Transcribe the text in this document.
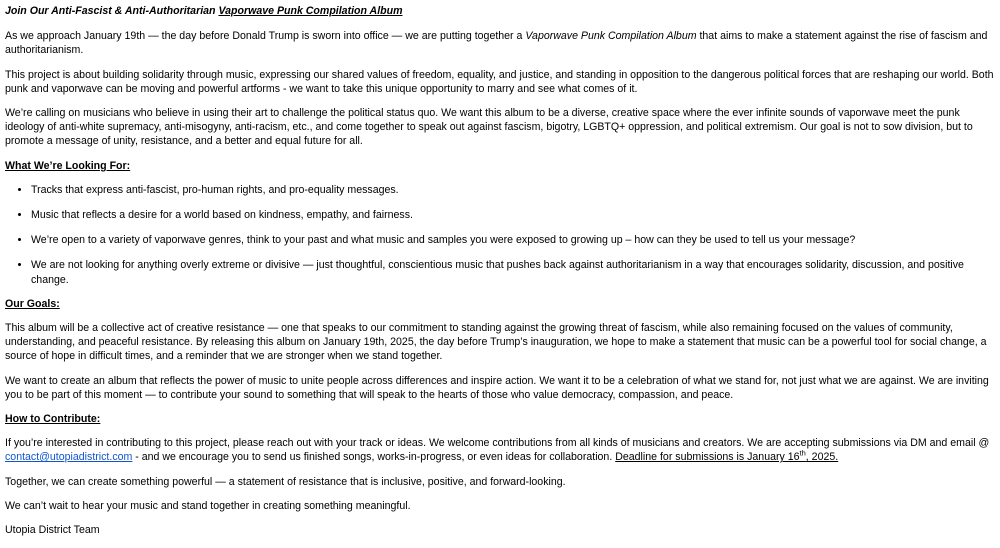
Join Our Anti-Fascist & Anti-Authoritarian Vaporwave Punk Compilation Album

As we approach January 19th — the day before Donald Trump is sworn into office — we are putting together a Vaporwave Punk Compilation Album that aims to make a statement against the rise of fascism and authoritarianism.

This project is about building solidarity through music, expressing our shared values of freedom, equality, and justice, and standing in opposition to the dangerous political forces that are reshaping our world. Both punk and vaporwave can be moving and powerful artforms - we want to take this unique opportunity to marry and see what comes of it.

We’re calling on musicians who believe in using their art to challenge the political status quo. We want this album to be a diverse, creative space where the ever infinite sounds of vaporwave meet the punk ideology of anti-white supremacy, anti-misogyny, anti-racism, etc., and come together to speak out against fascism, bigotry, LGBTQ+ oppression, and political extremism. Our goal is not to sow division, but to promote a message of unity, resistance, and a better and equal future for all.

What We’re Looking For:

• Tracks that express anti-fascist, pro-human rights, and pro-equality messages.
• Music that reflects a desire for a world based on kindness, empathy, and fairness.
• We’re open to a variety of vaporwave genres, think to your past and what music and samples you were exposed to growing up – how can they be used to tell us your message?
• We are not looking for anything overly extreme or divisive — just thoughtful, conscientious music that pushes back against authoritarianism in a way that encourages solidarity, discussion, and positive change.

Our Goals:

This album will be a collective act of creative resistance — one that speaks to our commitment to standing against the growing threat of fascism, while also remaining focused on the values of community, understanding, and peaceful resistance. By releasing this album on January 19th, 2025, the day before Trump’s inauguration, we hope to make a statement that music can be a powerful tool for social change, a source of hope in difficult times, and a reminder that we are stronger when we stand together.

We want to create an album that reflects the power of music to unite people across differences and inspire action. We want it to be a celebration of what we stand for, not just what we are against. We are inviting you to be part of this moment — to contribute your sound to something that will speak to the hearts of those who value democracy, compassion, and peace.

How to Contribute:

If you’re interested in contributing to this project, please reach out with your track or ideas. We welcome contributions from all kinds of musicians and creators. We are accepting submissions via DM and email @ contact@utopiadistrict.com - and we encourage you to send us finished songs, works-in-progress, or even ideas for collaboration. Deadline for submissions is January 16th, 2025.

Together, we can create something powerful — a statement of resistance that is inclusive, positive, and forward-looking.

We can’t wait to hear your music and stand together in creating something meaningful.

Utopia District Team
